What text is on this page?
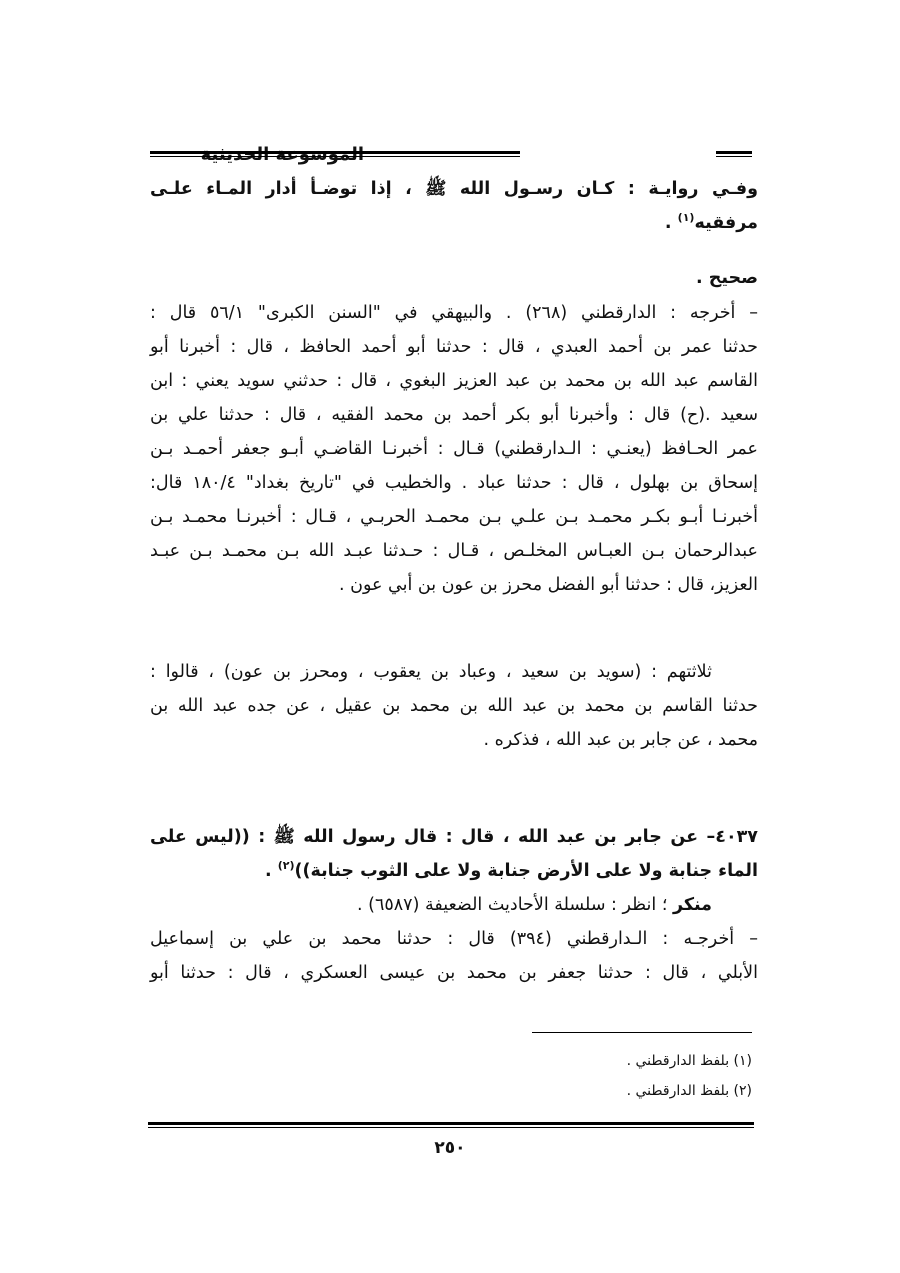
الموسوعة الحديثية

وفـي روايـة : كـان رسـول الله ﷺ ، إذا توضـأ أدار المـاء علـى

مرفقيه$^{(١)}$ .

صحيح .

– أخرجه : الدارقطني (٢٦٨) . والبيهقي في "السنن الكبرى" ٥٦/١ قال :

حدثنا عمر بن أحمد العبدي ، قال : حدثنا أبو أحمد الحافظ ، قال : أخبرنا أبو

القاسم عبد الله بن محمد بن عبد العزيز البغوي ، قال : حدثني سويد يعني : ابن

سعيد .(ح) قال : وأخبرنا أبو بكر أحمد بن محمد الفقيه ، قال : حدثنا علي بن

عمر الحـافظ (يعنـي : الـدارقطني) قـال : أخبرنـا القاضـي أبـو جعفر أحمـد بـن

إسحاق بن بهلول ، قال : حدثنا عباد . والخطيب في "تاريخ بغداد" ١٨٠/٤ قال:

أخبرنـا أبـو بكـر محمـد بـن علـي بـن محمـد الحربـي ، قـال : أخبرنـا محمـد بـن

عبدالرحمان بـن العبـاس المخلـص ، قـال : حـدثنا عبـد الله بـن محمـد بـن عبـد

العزيز، قال : حدثنا أبو الفضل محرز بن عون بن أبي عون .

ثلاثتهم : (سويد بن سعيد ، وعباد بن يعقوب ، ومحرز بن عون) ، قالوا :

حدثنا القاسم بن محمد بن عبد الله بن محمد بن عقيل ، عن جده عبد الله بن

محمد ، عن جابر بن عبد الله ، فذكره .

٤٠٣٧– عن جابر بن عبد الله ، قال : قال رسول الله ﷺ : ((ليس على

الماء جنابة ولا على الأرض جنابة ولا على الثوب جنابة))$^{(٢)}$ .

منكر ؛ انظر : سلسلة الأحاديث الضعيفة (٦٥٨٧) .

– أخرجـه : الـدارقطني (٣٩٤) قال : حدثنا محمد بن علي بن إسماعيل

الأبلي ، قال : حدثنا جعفر بن محمد بن عيسى العسكري ، قال : حدثنا أبو

(١) بلفظ الدارقطني .
(٢) بلفظ الدارقطني .
٢٥٠
